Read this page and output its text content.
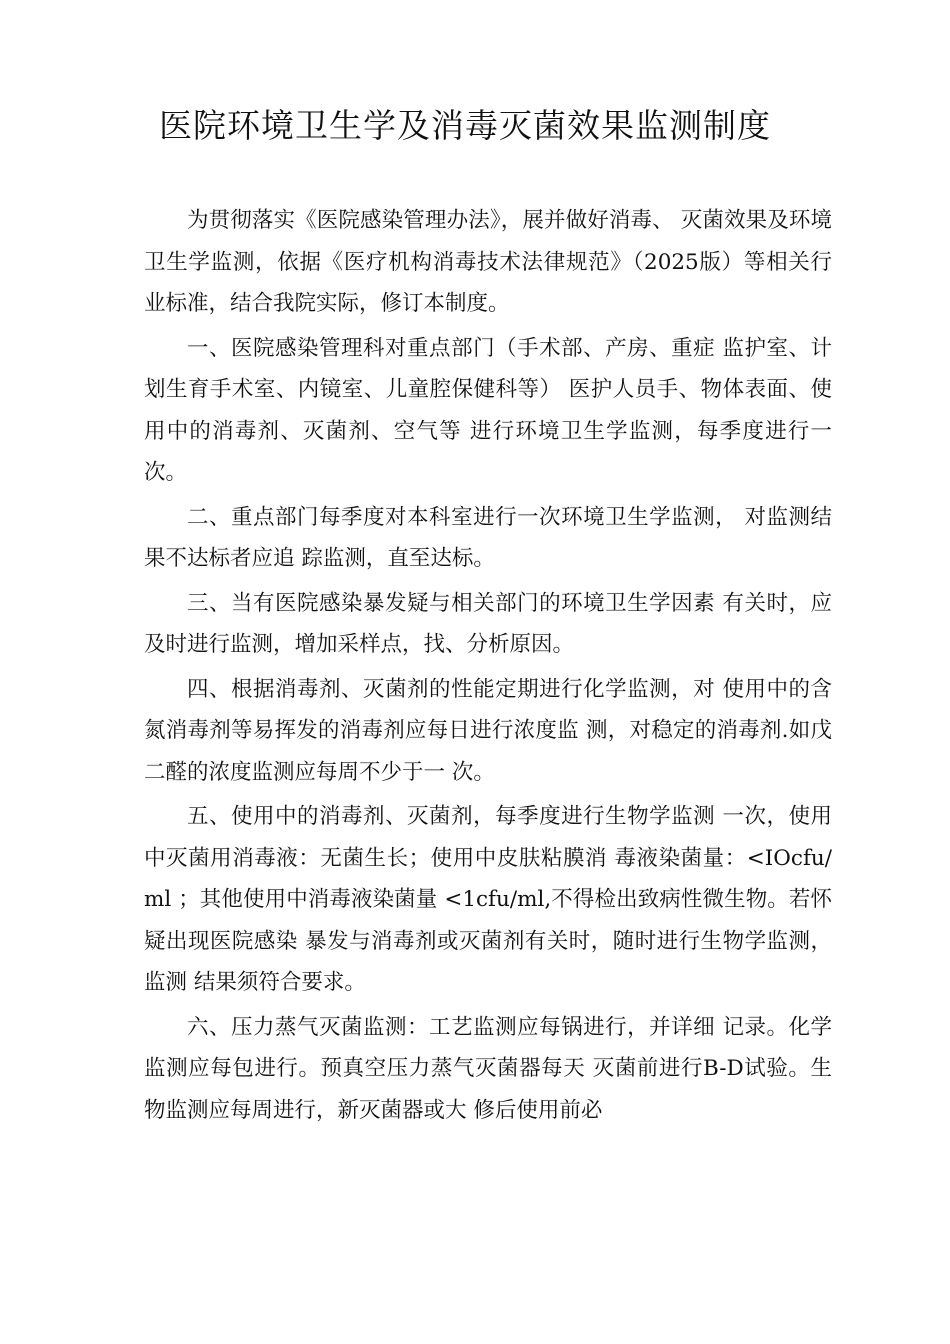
医院环境卫生学及消毒灭菌效果监测制度

为贯彻落实《医院感染管理办法》，展并做好消毒、 灭菌效果及环境卫生学监测，依据《医疗机构消毒技术法律规范》（2025版）等相关行业标准，结合我院实际，修订本制度。

一、医院感染管理科对重点部门（手术部、产房、重症 监护室、计划生育手术室、内镜室、儿童腔保健科等） 医护人员手、物体表面、使用中的消毒剂、灭菌剂、空气等 进行环境卫生学监测，每季度进行一次。

二、重点部门每季度对本科室进行一次环境卫生学监测， 对监测结果不达标者应追 踪监测，直至达标。

三、当有医院感染暴发疑与相关部门的环境卫生学因素 有关时，应及时进行监测，增加采样点，找、分析原因。

四、根据消毒剂、灭菌剂的性能定期进行化学监测，对 使用中的含氮消毒剂等易挥发的消毒剂应每日进行浓度监 测，对稳定的消毒剂.如戊二醛的浓度监测应每周不少于一 次。

五、使用中的消毒剂、灭菌剂，每季度进行生物学监测 一次，使用中灭菌用消毒液：无菌生长；使用中皮肤粘膜消 毒液染菌量：<IOcfu/ml ；其他使用中消毒液染菌量 <1cfu/ml,不得检出致病性微生物。若怀疑出现医院感染 暴发与消毒剂或灭菌剂有关时，随时进行生物学监测，监测 结果须符合要求。

六、压力蒸气灭菌监测：工艺监测应每锅进行，并详细 记录。化学监测应每包进行。预真空压力蒸气灭菌器每天 灭菌前进行B-D试验。生物监测应每周进行，新灭菌器或大 修后使用前必
